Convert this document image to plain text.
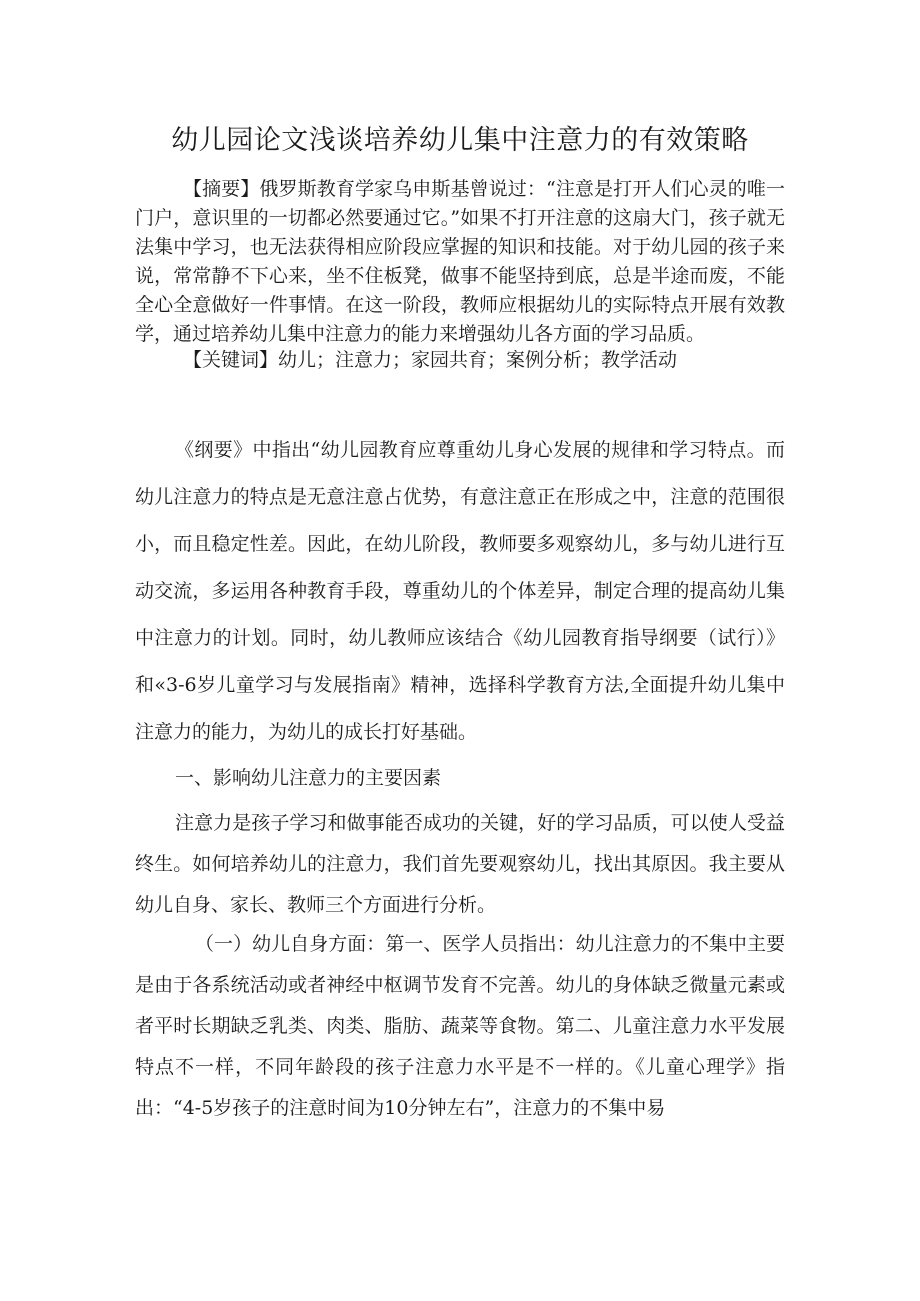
幼儿园论文浅谈培养幼儿集中注意力的有效策略

【摘要】俄罗斯教育学家乌申斯基曾说过：“注意是打开人们心灵的唯一门户，意识里的一切都必然要通过它。”如果不打开注意的这扇大门，孩子就无法集中学习，也无法获得相应阶段应掌握的知识和技能。对于幼儿园的孩子来说，常常静不下心来，坐不住板凳，做事不能坚持到底，总是半途而废，不能全心全意做好一件事情。在这一阶段，教师应根据幼儿的实际特点开展有效教学，通过培养幼儿集中注意力的能力来增强幼儿各方面的学习品质。

【关键词】幼儿；注意力；家园共育；案例分析；教学活动

《纲要》中指出“幼儿园教育应尊重幼儿身心发展的规律和学习特点。而幼儿注意力的特点是无意注意占优势，有意注意正在形成之中，注意的范围很小，而且稳定性差。因此，在幼儿阶段，教师要多观察幼儿，多与幼儿进行互动交流，多运用各种教育手段，尊重幼儿的个体差异，制定合理的提高幼儿集中注意力的计划。同时，幼儿教师应该结合《幼儿园教育指导纲要（试行）》和«3-6岁儿童学习与发展指南》精神，选择科学教育方法,全面提升幼儿集中注意力的能力，为幼儿的成长打好基础。

一、影响幼儿注意力的主要因素

注意力是孩子学习和做事能否成功的关键，好的学习品质，可以使人受益终生。如何培养幼儿的注意力，我们首先要观察幼儿，找出其原因。我主要从幼儿自身、家长、教师三个方面进行分析。

（一）幼儿自身方面：第一、医学人员指出：幼儿注意力的不集中主要是由于各系统活动或者神经中枢调节发育不完善。幼儿的身体缺乏微量元素或者平时长期缺乏乳类、肉类、脂肪、蔬菜等食物。第二、儿童注意力水平发展特点不一样，不同年龄段的孩子注意力水平是不一样的。《儿童心理学》指出：“4-5岁孩子的注意时间为10分钟左右”，注意力的不集中易
